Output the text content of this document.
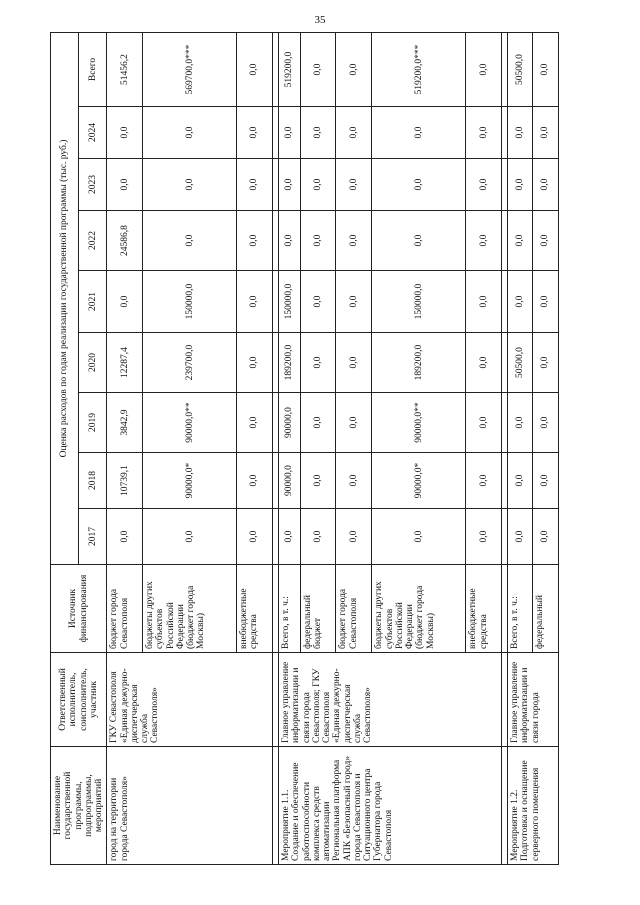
35
Наименование государственной программы, подпрограммы, мероприятий	Ответственный исполнитель, соисполнитель, участник	Источник финансирования	Оценка расходов по годам реализации государственной программы (тыс. руб.)								
			2017	2018	2019	2020	2021	2022	2023	2024	Всего
город на территории города Севастополя»	ГКУ Севастополя «Единая дежурно-диспетчерская служба Севастополя»	бюджет города Севастополя	0,0	10739,1	3842,9	12287,4	0,0	24586,8	0,0	0,0	51456,2
		бюджеты других субъектов Российской Федерации (бюджет города Москвы)	0,0	90000,0*	90000,0**	239700,0	150000,0	0,0	0,0	0,0	569700,0***
		внебюджетные средства	0,0	0,0	0,0	0,0	0,0	0,0	0,0	0,0	0,0

Мероприятие 1.1. Создание и обеспечение работоспособности комплекса средств автоматизации Региональная платформа АПК «Безопасный город» города Севастополя и Ситуационного центра Губернатора города Севастополя	Главное управление информатизации и связи города Севастополя; ГКУ Севастополя «Единая дежурно-диспетчерская служба Севастополя»	Всего, в т. ч.:	0,0	90000,0	90000,0	189200,0	150000,0	0,0	0,0	0,0	519200,0
		федеральный бюджет	0,0	0,0	0,0	0,0	0,0	0,0	0,0	0,0	0,0
		бюджет города Севастополя	0,0	0,0	0,0	0,0	0,0	0,0	0,0	0,0	0,0
		бюджеты других субъектов Российской Федерации (бюджет города Москвы)	0,0	90000,0*	90000,0**	189200,0	150000,0	0,0	0,0	0,0	519200,0***
		внебюджетные средства	0,0	0,0	0,0	0,0	0,0	0,0	0,0	0,0	0,0

Мероприятие 1.2. Подготовка и оснащение серверного помещения	Главное управление информатизации и связи города	Всего, в т. ч.:	0,0	0,0	0,0	50500,0	0,0	0,0	0,0	0,0	50500,0
		федеральный	0,0	0,0	0,0	0,0	0,0	0,0	0,0	0,0	0,0
